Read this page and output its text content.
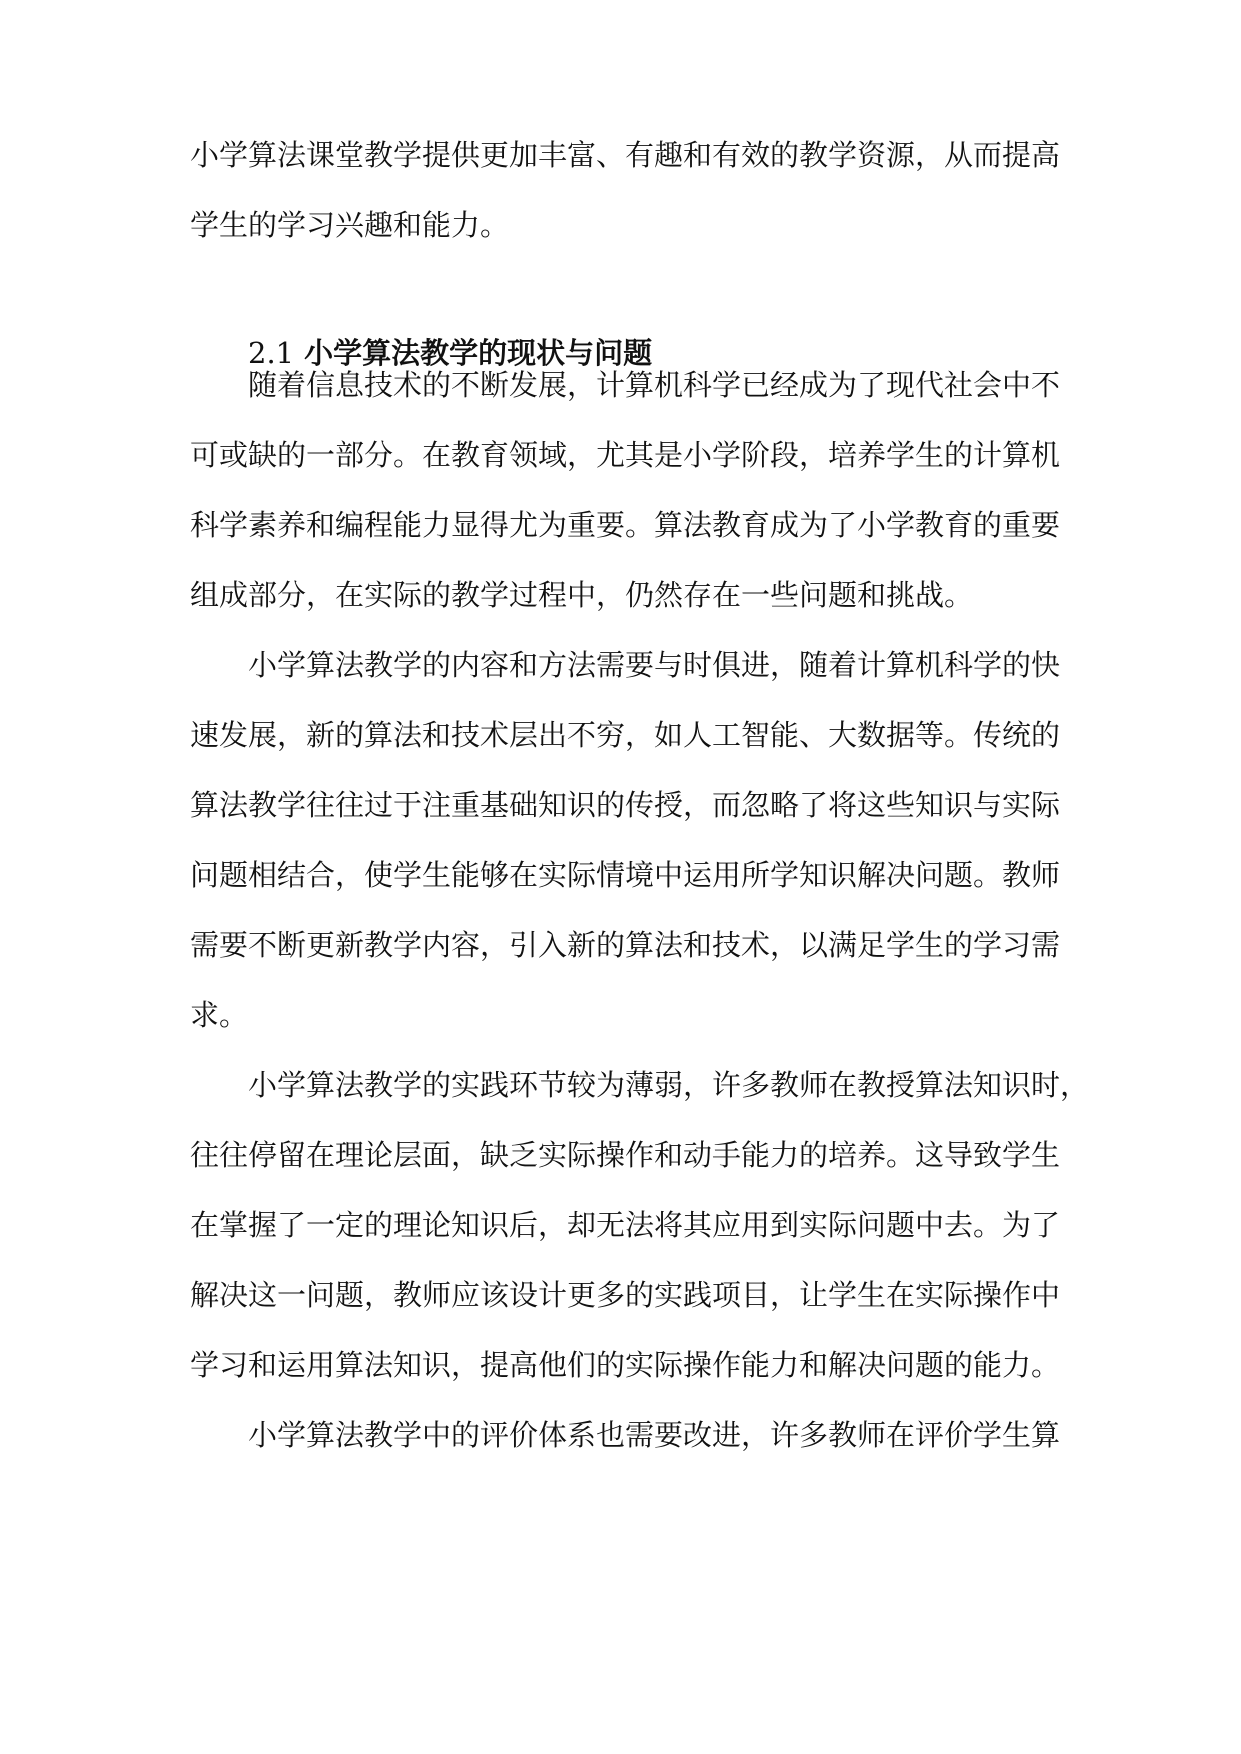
小学算法课堂教学提供更加丰富、有趣和有效的教学资源，从而提高
学生的学习兴趣和能力。
2.1 小学算法教学的现状与问题
随着信息技术的不断发展，计算机科学已经成为了现代社会中不
可或缺的一部分。在教育领域，尤其是小学阶段，培养学生的计算机
科学素养和编程能力显得尤为重要。算法教育成为了小学教育的重要
组成部分，在实际的教学过程中，仍然存在一些问题和挑战。
小学算法教学的内容和方法需要与时俱进，随着计算机科学的快
速发展，新的算法和技术层出不穷，如人工智能、大数据等。传统的
算法教学往往过于注重基础知识的传授，而忽略了将这些知识与实际
问题相结合，使学生能够在实际情境中运用所学知识解决问题。教师
需要不断更新教学内容，引入新的算法和技术，以满足学生的学习需
求。
小学算法教学的实践环节较为薄弱，许多教师在教授算法知识时，
往往停留在理论层面，缺乏实际操作和动手能力的培养。这导致学生
在掌握了一定的理论知识后，却无法将其应用到实际问题中去。为了
解决这一问题，教师应该设计更多的实践项目，让学生在实际操作中
学习和运用算法知识，提高他们的实际操作能力和解决问题的能力。
小学算法教学中的评价体系也需要改进，许多教师在评价学生算
